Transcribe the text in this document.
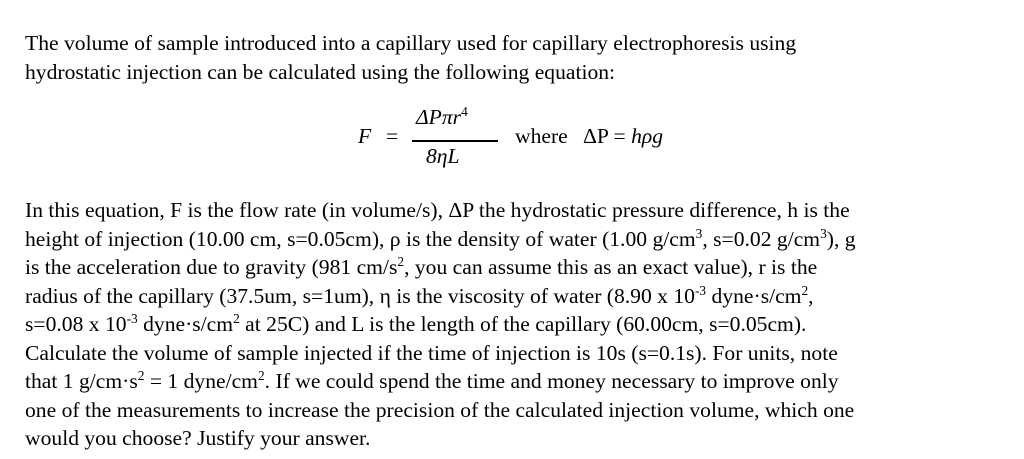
The volume of sample introduced into a capillary used for capillary electrophoresis using
hydrostatic injection can be calculated using the following equation:

F =
ΔPπr$^4$
8ηL
where ΔP = hρg

In this equation, F is the flow rate (in volume/s), ΔP the hydrostatic pressure difference, h is the
height of injection (10.00 cm, s=0.05cm), ρ is the density of water (1.00 $g/cm^3$, s=0.02 $g/cm^3$), g
is the acceleration due to gravity (981 $cm/s^2$, you can assume this as an exact value), r is the
radius of the capillary (37.5um, s=1um), η is the viscosity of water (8.90 x $10^{-3}$ $dyne\cdot s/cm^2$,
s=0.08 x $10^{-3}$ $dyne\cdot s/cm^2$ at 25C) and L is the length of the capillary (60.00cm, s=0.05cm).
Calculate the volume of sample injected if the time of injection is 10s (s=0.1s). For units, note
that 1 $g/cm\cdot s^2 = 1$ dyne/$cm^2$. If we could spend the time and money necessary to improve only
one of the measurements to increase the precision of the calculated injection volume, which one
would you choose? Justify your answer.
